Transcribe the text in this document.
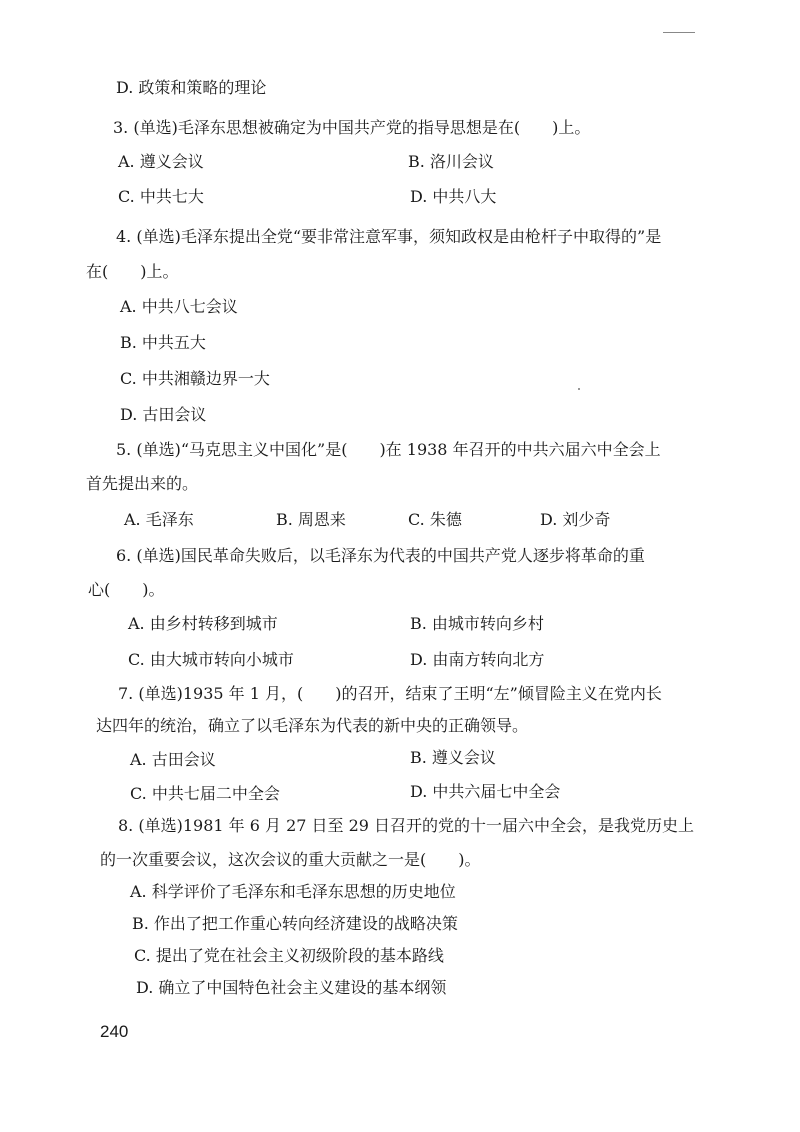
D. 政策和策略的理论
3. (单选)毛泽东思想被确定为中国共产党的指导思想是在(　　)上。
A. 遵义会议	B. 洛川会议
C. 中共七大	D. 中共八大
4. (单选)毛泽东提出全党“要非常注意军事，须知政权是由枪杆子中取得的”是
在(　　)上。
A. 中共八七会议
B. 中共五大
C. 中共湘赣边界一大
D. 古田会议
5. (单选)“马克思主义中国化”是(　　)在 1938 年召开的中共六届六中全会上
首先提出来的。
A. 毛泽东	B. 周恩来	C. 朱德	D. 刘少奇
6. (单选)国民革命失败后，以毛泽东为代表的中国共产党人逐步将革命的重
心(　　)。
A. 由乡村转移到城市	B. 由城市转向乡村
C. 由大城市转向小城市	D. 由南方转向北方
7. (单选)1935 年 1 月，(　　)的召开，结束了王明“左”倾冒险主义在党内长
达四年的统治，确立了以毛泽东为代表的新中央的正确领导。
A. 古田会议	B. 遵义会议
C. 中共七届二中全会	D. 中共六届七中全会
8. (单选)1981 年 6 月 27 日至 29 日召开的党的十一届六中全会，是我党历史上
的一次重要会议，这次会议的重大贡献之一是(　　)。
A. 科学评价了毛泽东和毛泽东思想的历史地位
B. 作出了把工作重心转向经济建设的战略决策
C. 提出了党在社会主义初级阶段的基本路线
D. 确立了中国特色社会主义建设的基本纲领
240
